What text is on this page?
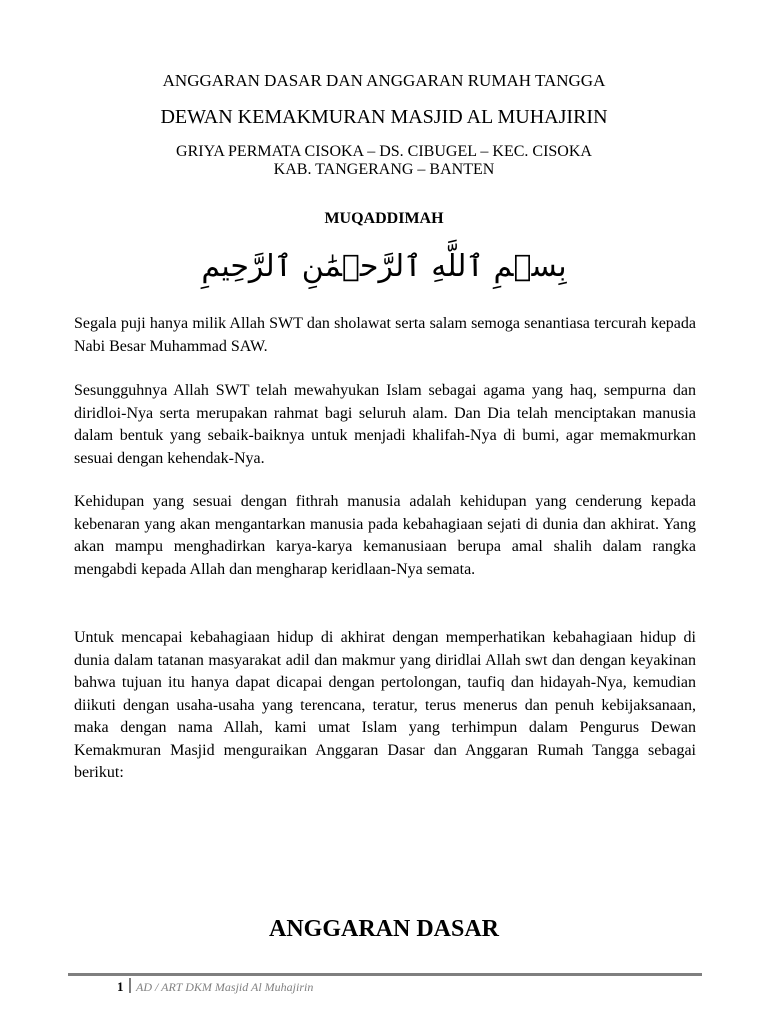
ANGGARAN DASAR DAN ANGGARAN RUMAH TANGGA
DEWAN KEMAKMURAN MASJID AL MUHAJIRIN
GRIYA PERMATA CISOKA – DS. CIBUGEL – KEC. CISOKA
KAB. TANGERANG – BANTEN
MUQADDIMAH
بِسۡمِ ٱللَّهِ ٱلرَّحۡمَٰنِ ٱلرَّحِيمِ

Segala puji hanya milik Allah SWT dan sholawat serta salam semoga senantiasa tercurah kepada Nabi Besar Muhammad SAW.

Sesungguhnya Allah SWT telah mewahyukan Islam sebagai agama yang haq, sempurna dan diridloi-Nya serta merupakan rahmat bagi seluruh alam. Dan Dia telah menciptakan manusia dalam bentuk yang sebaik-baiknya untuk menjadi khalifah-Nya di bumi, agar memakmurkan sesuai dengan kehendak-Nya.

Kehidupan yang sesuai dengan fithrah manusia adalah kehidupan yang cenderung kepada kebenaran yang akan mengantarkan manusia pada kebahagiaan sejati di dunia dan akhirat. Yang akan mampu menghadirkan karya-karya kemanusiaan berupa amal shalih dalam rangka mengabdi kepada Allah dan mengharap keridlaan-Nya semata.

Untuk mencapai kebahagiaan hidup di akhirat dengan memperhatikan kebahagiaan hidup di dunia dalam tatanan masyarakat adil dan makmur yang diridlai Allah swt dan dengan keyakinan bahwa tujuan itu hanya dapat dicapai dengan pertolongan, taufiq dan hidayah-Nya, kemudian diikuti dengan usaha-usaha yang terencana, teratur, terus menerus dan penuh kebijaksanaan, maka dengan nama Allah, kami umat Islam yang terhimpun dalam Pengurus Dewan Kemakmuran Masjid menguraikan Anggaran Dasar dan Anggaran Rumah Tangga sebagai berikut:

ANGGARAN DASAR
1 AD / ART DKM Masjid Al Muhajirin
